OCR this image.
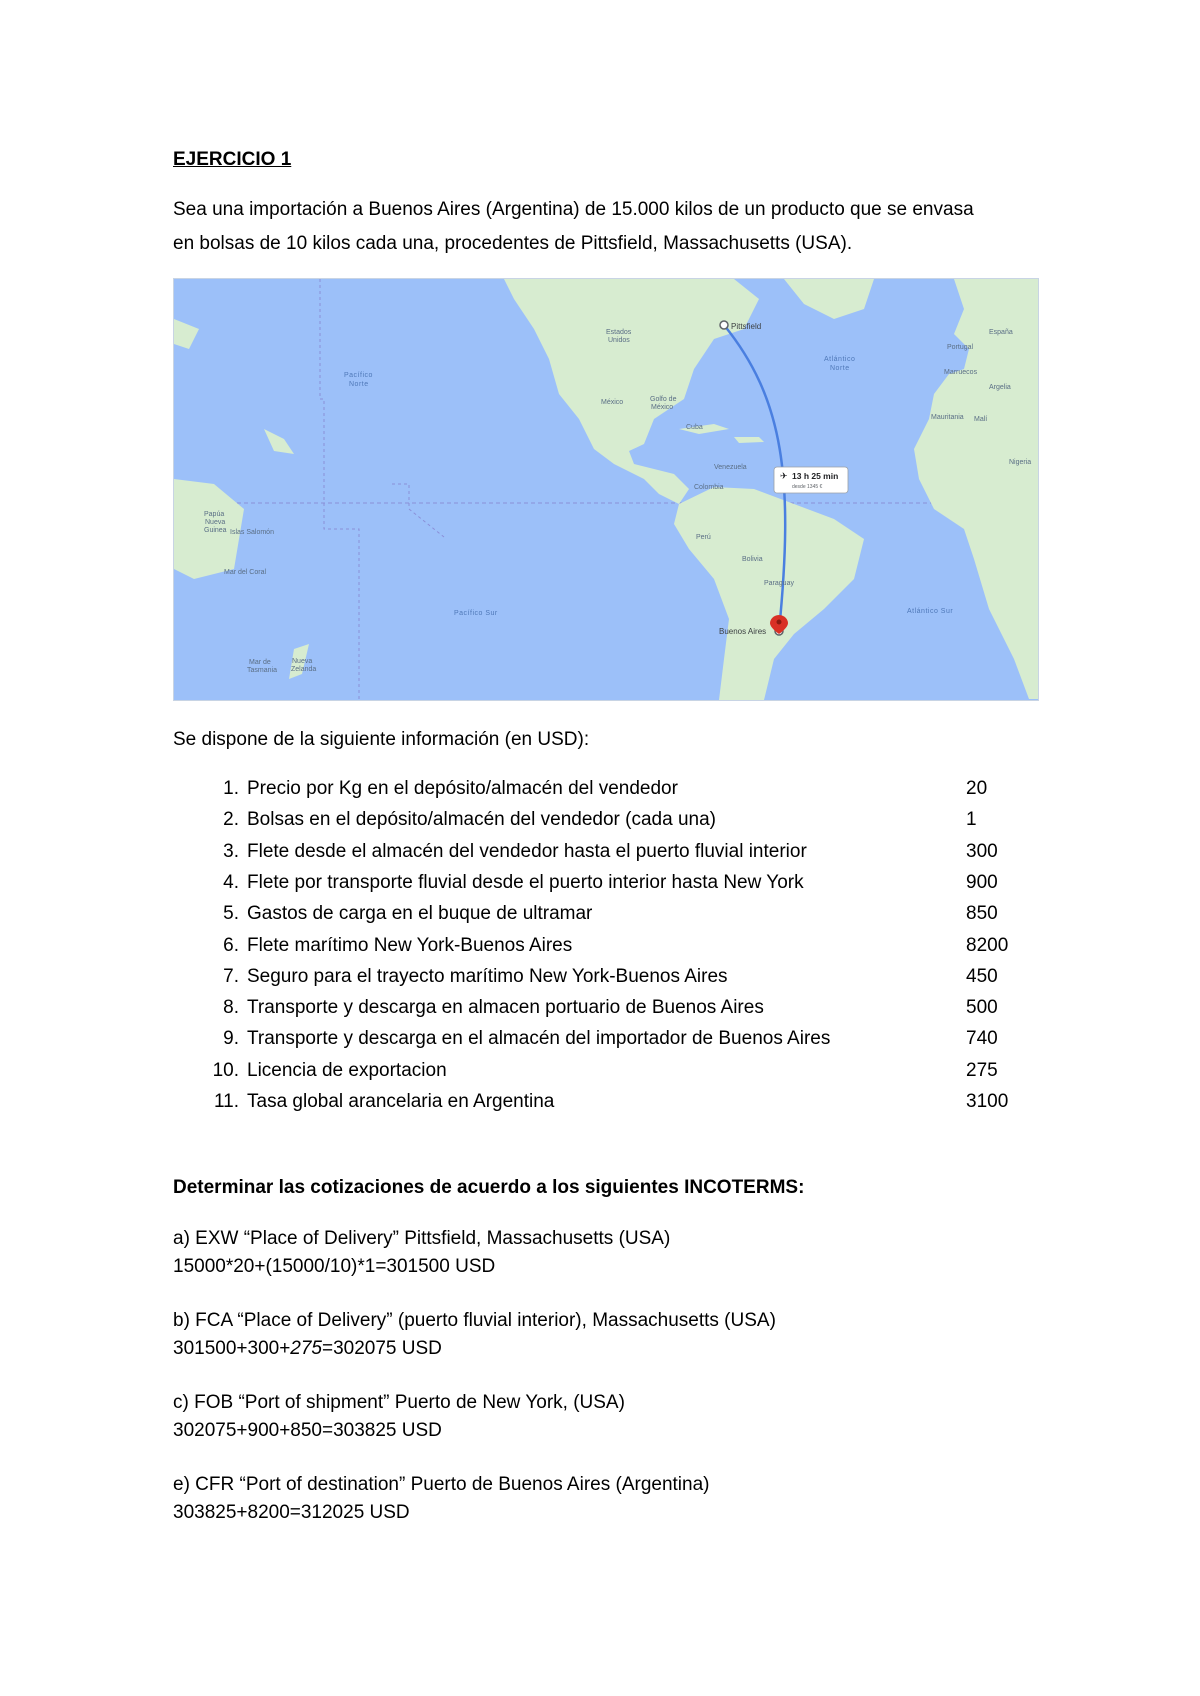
EJERCICIO 1
Sea una importación a Buenos Aires (Argentina) de 15.000 kilos de un producto que se envasa
en bolsas de 10 kilos cada una, procedentes de Pittsfield, Massachusetts (USA).
✈
Pittsfield
Buenos Aires
13 h 25 min
desde 1345 €
Pacífico
Norte
Pacífico Sur
Atlántico
Norte
Atlántico Sur
Estados
Unidos
México	Golfo de
México
Cuba
Venezuela
Colombia
Perú
Bolivia
Paraguay
España
Portugal
Marruecos
Argelia
Mauritania Malí
Nigeria
Papúa
Nueva
Guinea Islas Salomón
Mar del Coral
Mar de
Tasmania
Nueva
Zelanda
Se dispone de la siguiente información (en USD):
1. Precio por Kg en el depósito/almacén del vendedor	20
2. Bolsas en el depósito/almacén del vendedor (cada una)	1
3. Flete desde el almacén del vendedor hasta el puerto fluvial interior	300
4. Flete por transporte fluvial desde el puerto interior hasta New York	900
5. Gastos de carga en el buque de ultramar	850
6. Flete marítimo New York-Buenos Aires	8200
7. Seguro para el trayecto marítimo New York-Buenos Aires	450
8. Transporte y descarga en almacen portuario de Buenos Aires	500
9. Transporte y descarga en el almacén del importador de Buenos Aires	740
10. Licencia de exportacion	275
11. Tasa global arancelaria en Argentina	3100
Determinar las cotizaciones de acuerdo a los siguientes INCOTERMS:
a) EXW “Place of Delivery” Pittsfield, Massachusetts (USA)
15000*20+(15000/10)*1=301500 USD
b) FCA “Place of Delivery” (puerto fluvial interior), Massachusetts (USA)
301500+300+275=302075 USD
c) FOB “Port of shipment” Puerto de New York, (USA)
302075+900+850=303825 USD
e) CFR “Port of destination” Puerto de Buenos Aires (Argentina)
303825+8200=312025 USD
